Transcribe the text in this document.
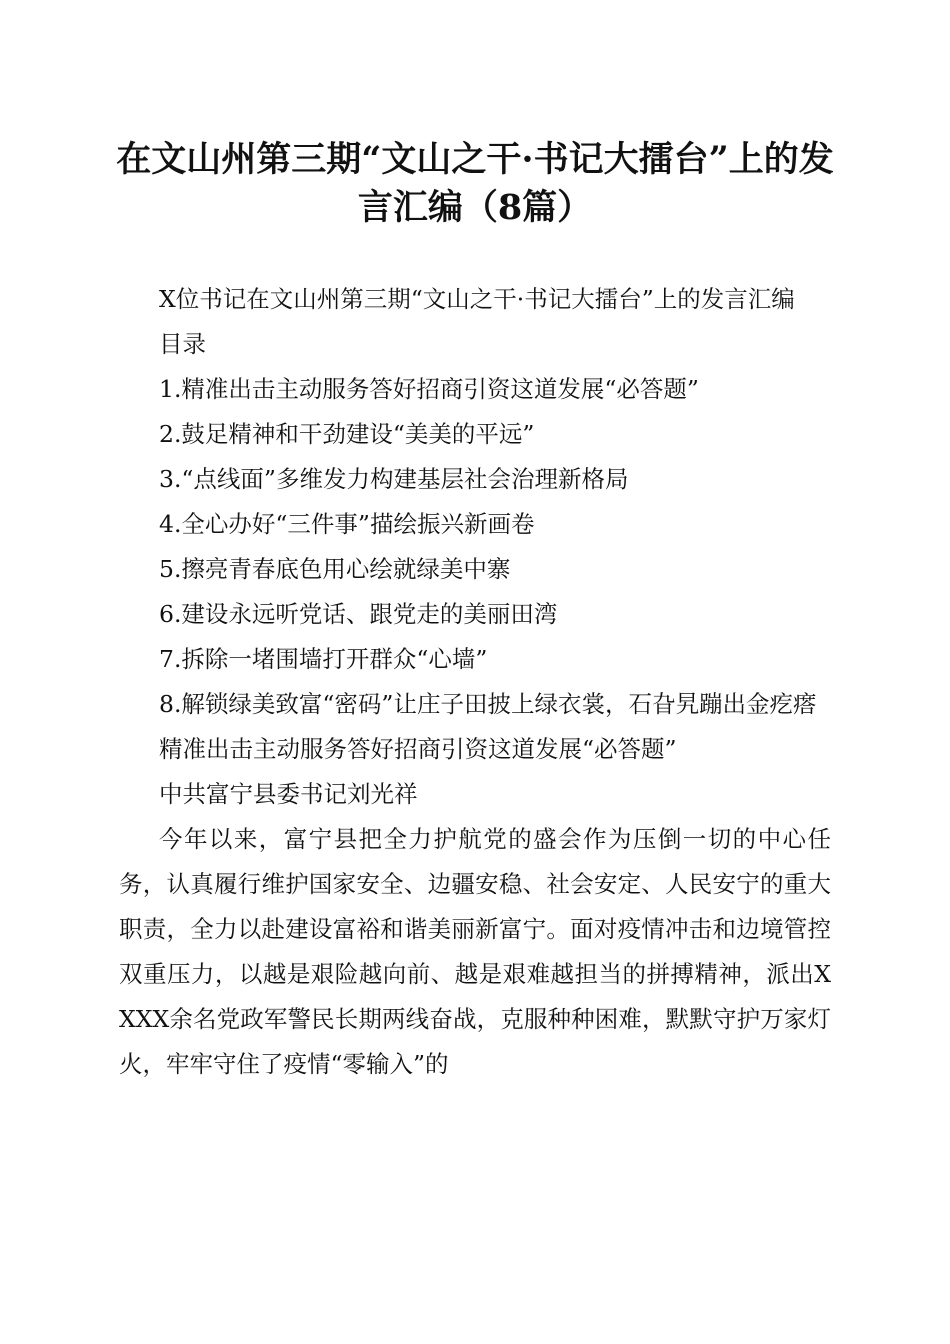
在文山州第三期“文山之干·书记大擂台”上的发言汇编（8篇）

X位书记在文山州第三期“文山之干·书记大擂台”上的发言汇编

目录

1.精准出击主动服务答好招商引资这道发展“必答题”

2.鼓足精神和干劲建设“美美的平远”

3.“点线面”多维发力构建基层社会治理新格局

4.全心办好“三件事”描绘振兴新画卷

5.擦亮青春底色用心绘就绿美中寨

6.建设永远听党话、跟党走的美丽田湾

7.拆除一堵围墙打开群众“心墙”

8.解锁绿美致富“密码”让庄子田披上绿衣裳，石旮旯蹦出金疙瘩

精准出击主动服务答好招商引资这道发展“必答题”

中共富宁县委书记刘光祥

今年以来，富宁县把全力护航党的盛会作为压倒一切的中心任务，认真履行维护国家安全、边疆安稳、社会安定、人民安宁的重大职责，全力以赴建设富裕和谐美丽新富宁。面对疫情冲击和边境管控双重压力，以越是艰险越向前、越是艰难越担当的拼搏精神，派出XXXX余名党政军警民长期两线奋战，克服种种困难，默默守护万家灯火，牢牢守住了疫情“零输入”的
